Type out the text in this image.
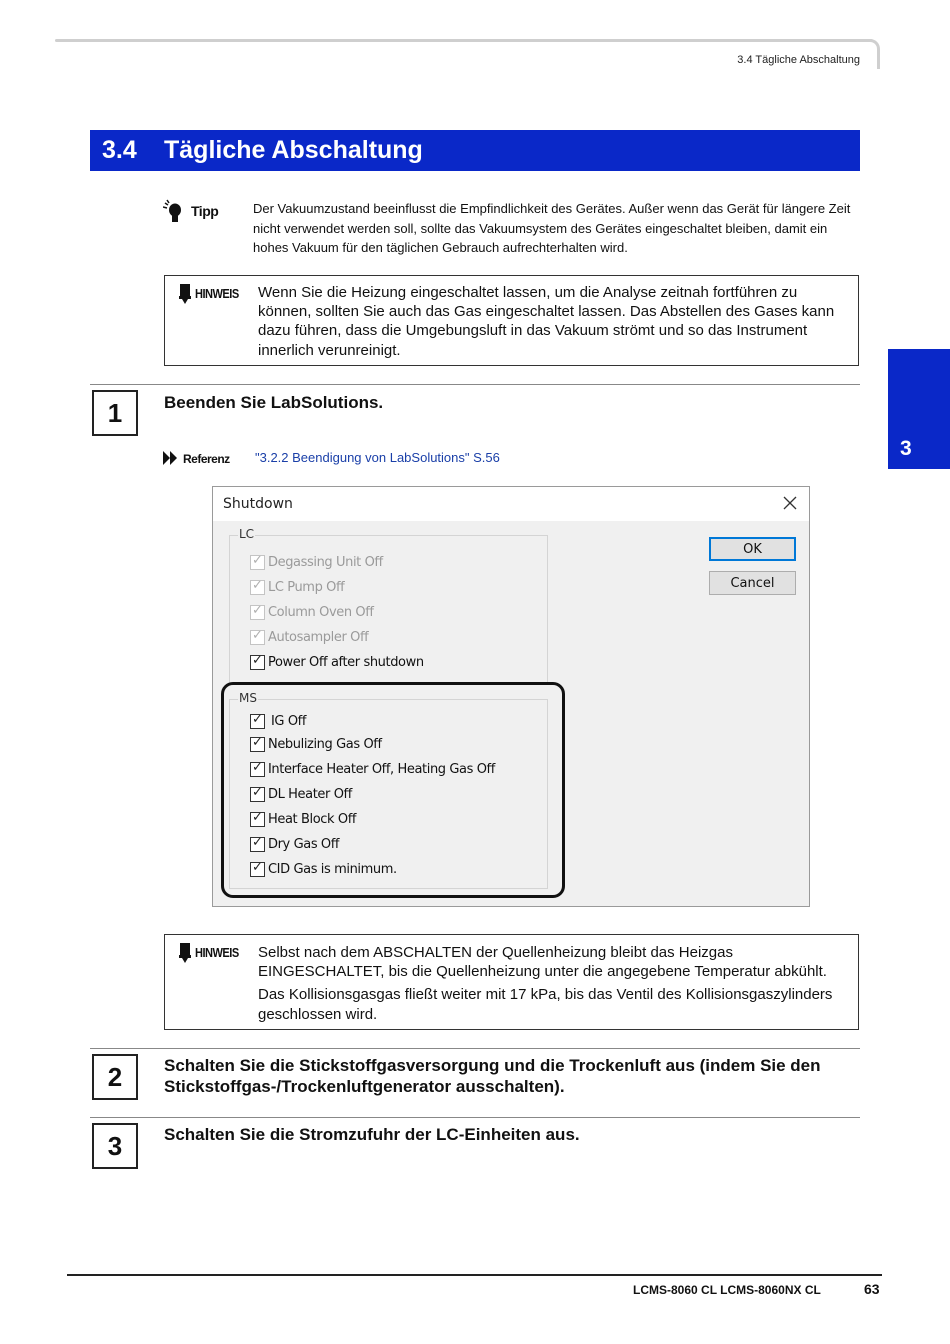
3.4 Tägliche Abschaltung
3.4	Tägliche Abschaltung
3
Tipp	Der Vakuumzustand beeinflusst die Empfindlichkeit des Gerätes. Außer wenn das Gerät für längere Zeit nicht verwendet werden soll, sollte das Vakuumsystem des Gerätes eingeschaltet bleiben, damit ein hohes Vakuum für den täglichen Gebrauch aufrechterhalten wird.
HINWEIS Wenn Sie die Heizung eingeschaltet lassen, um die Analyse zeitnah fortführen zu können, sollten Sie auch das Gas eingeschaltet lassen. Das Abstellen des Gases kann dazu führen, dass die Umgebungsluft in das Vakuum strömt und so das Instrument innerlich verunreinigt.
1	Beenden Sie LabSolutions.
Referenz "3.2.2 Beendigung von LabSolutions" S.56
Shutdown
LC
✓
Degassing Unit Off
✓
LC Pump Off
✓
Column Oven Off
✓
Autosampler Off
✓
Power Off after shutdown
MS
✓
IG Off
✓
Nebulizing Gas Off
✓
Interface Heater Off, Heating Gas Off
✓
DL Heater Off
✓
Heat Block Off
✓
Dry Gas Off
✓
CID Gas is minimum.
OK
Cancel
HINWEIS Selbst nach dem ABSCHALTEN der Quellenheizung bleibt das Heizgas EINGESCHALTET, bis die Quellenheizung unter die angegebene Temperatur abkühlt.

Das Kollisionsgasgas fließt weiter mit 17 kPa, bis das Ventil des Kollisionsgaszylinders geschlossen wird.

2	Schalten Sie die Stickstoffgasversorgung und die Trockenluft aus (indem Sie den Stickstoffgas-/Trockenluftgenerator ausschalten).
3	Schalten Sie die Stromzufuhr der LC-Einheiten aus.
LCMS-8060 CL LCMS-8060NX CL	63
